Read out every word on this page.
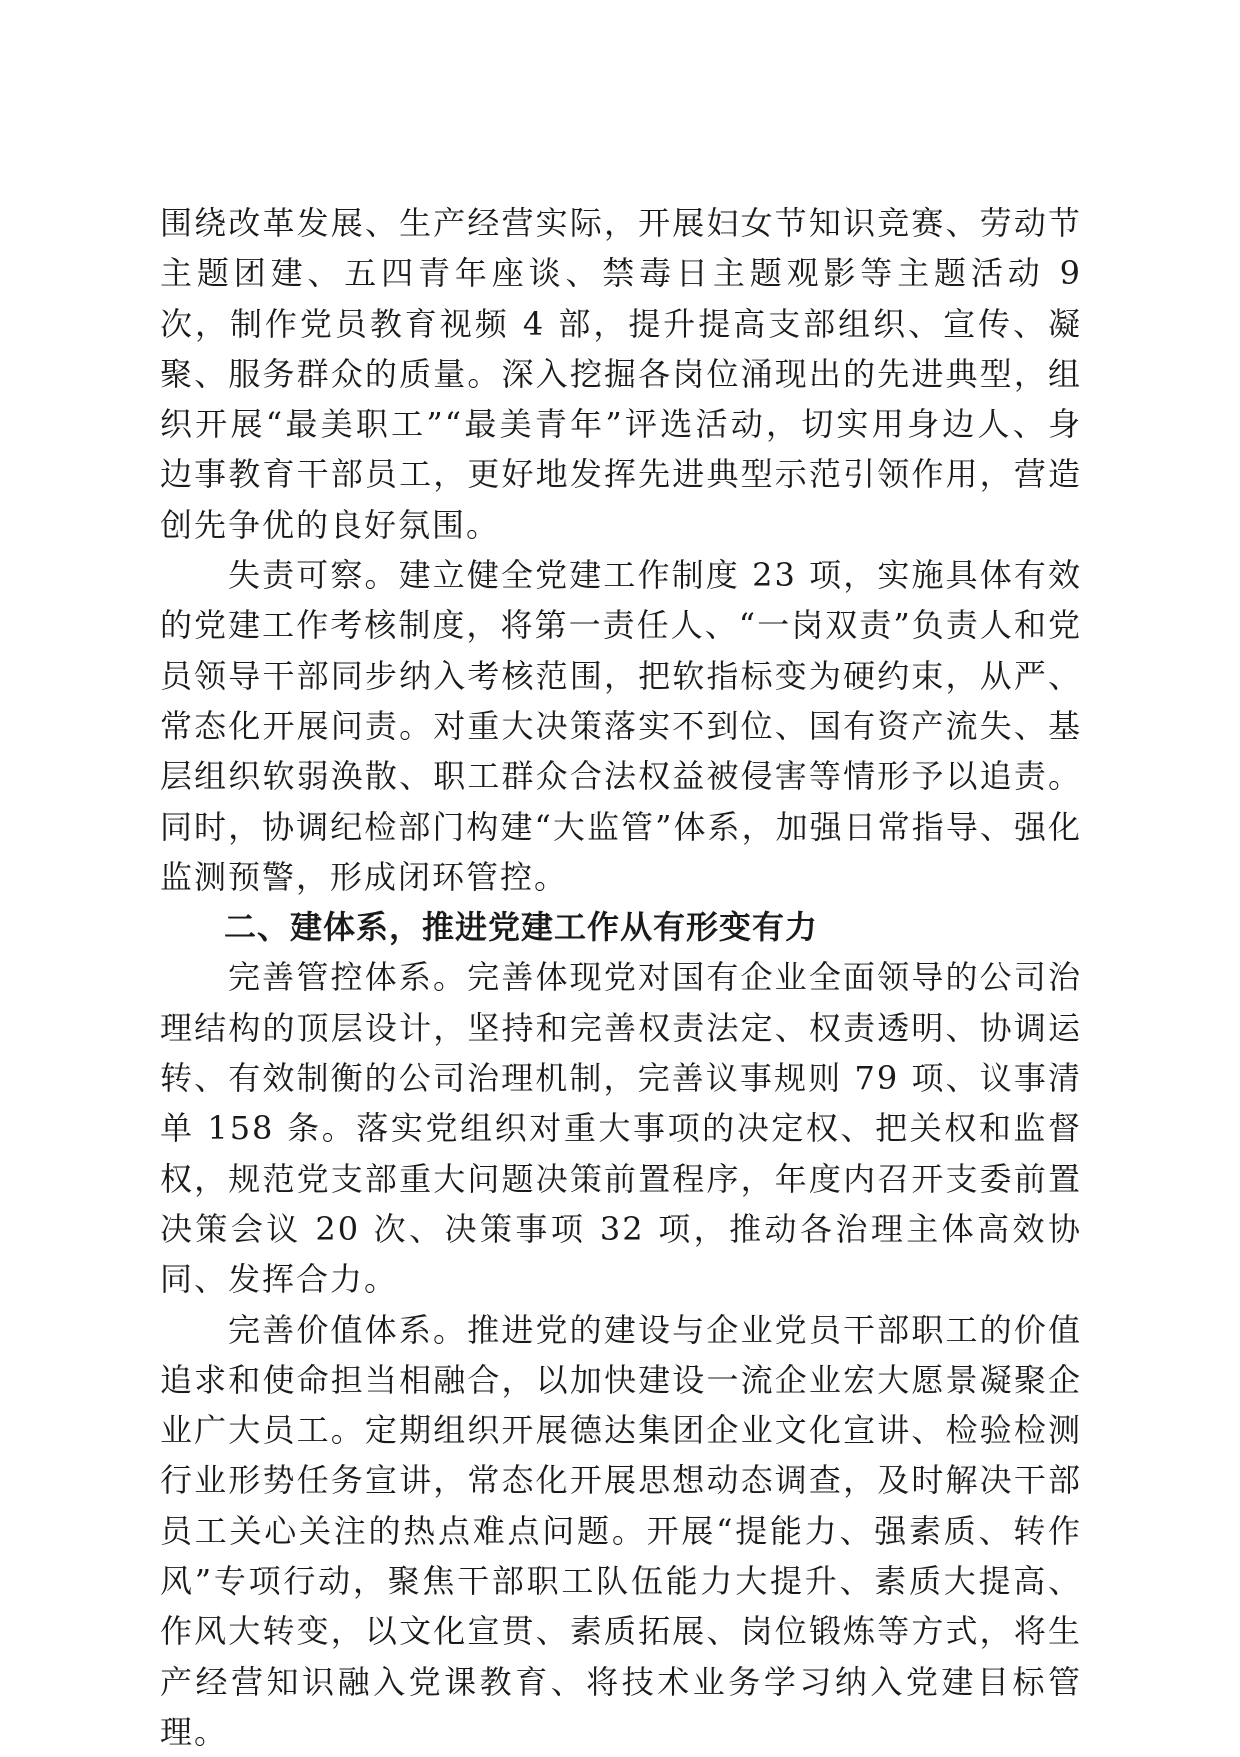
围绕改革发展、生产经营实际，开展妇女节知识竞赛、劳动节主题团建、五四青年座谈、禁毒日主题观影等主题活动 9 次，制作党员教育视频 4 部，提升提高支部组织、宣传、凝聚、服务群众的质量。深入挖掘各岗位涌现出的先进典型，组织开展“最美职工”“最美青年”评选活动，切实用身边人、身边事教育干部员工，更好地发挥先进典型示范引领作用，营造创先争优的良好氛围。

失责可察。建立健全党建工作制度 23 项，实施具体有效的党建工作考核制度，将第一责任人、“一岗双责”负责人和党员领导干部同步纳入考核范围，把软指标变为硬约束，从严、常态化开展问责。对重大决策落实不到位、国有资产流失、基层组织软弱涣散、职工群众合法权益被侵害等情形予以追责。同时，协调纪检部门构建“大监管”体系，加强日常指导、强化监测预警，形成闭环管控。

二、建体系，推进党建工作从有形变有力

完善管控体系。完善体现党对国有企业全面领导的公司治理结构的顶层设计，坚持和完善权责法定、权责透明、协调运转、有效制衡的公司治理机制，完善议事规则 79 项、议事清单 158 条。落实党组织对重大事项的决定权、把关权和监督权，规范党支部重大问题决策前置程序，年度内召开支委前置决策会议 20 次、决策事项 32 项，推动各治理主体高效协同、发挥合力。

完善价值体系。推进党的建设与企业党员干部职工的价值追求和使命担当相融合，以加快建设一流企业宏大愿景凝聚企业广大员工。定期组织开展德达集团企业文化宣讲、检验检测行业形势任务宣讲，常态化开展思想动态调查，及时解决干部员工关心关注的热点难点问题。开展“提能力、强素质、转作风”专项行动，聚焦干部职工队伍能力大提升、素质大提高、作风大转变，以文化宣贯、素质拓展、岗位锻炼等方式，将生产经营知识融入党课教育、将技术业务学习纳入党建目标管理。
